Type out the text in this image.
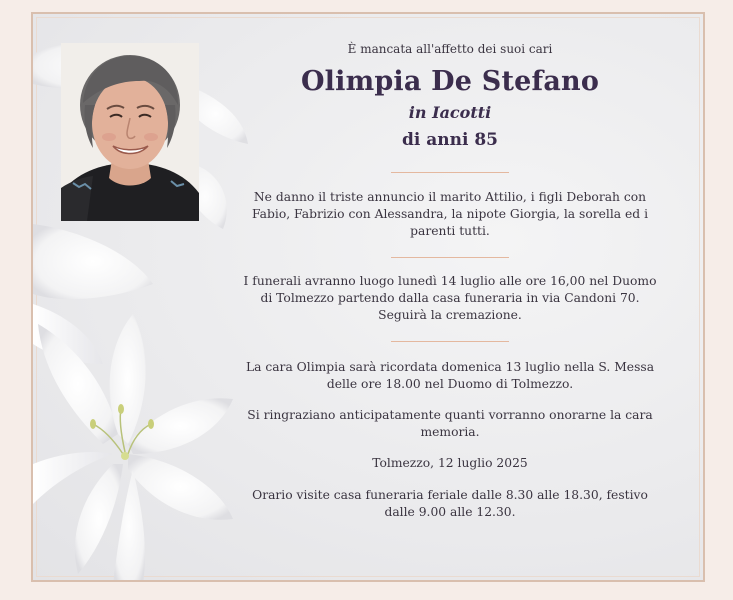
È mancata all'affetto dei suoi cari
Olimpia De Stefano
in Iacotti
di anni 85
Ne danno il triste annuncio il marito Attilio, i figli Deborah con Fabio, Fabrizio con Alessandra, la nipote Giorgia, la sorella ed i parenti tutti.
I funerali avranno luogo lunedì 14 luglio alle ore 16,00 nel Duomo di Tolmezzo partendo dalla casa funeraria in via Candoni 70. Seguirà la cremazione.
La cara Olimpia sarà ricordata domenica 13 luglio nella S. Messa delle ore 18.00 nel Duomo di Tolmezzo.
Si ringraziano anticipatamente quanti vorranno onorarne la cara memoria.
Tolmezzo, 12 luglio 2025
Orario visite casa funeraria feriale dalle 8.30 alle 18.30, festivo dalle 9.00 alle 12.30.
